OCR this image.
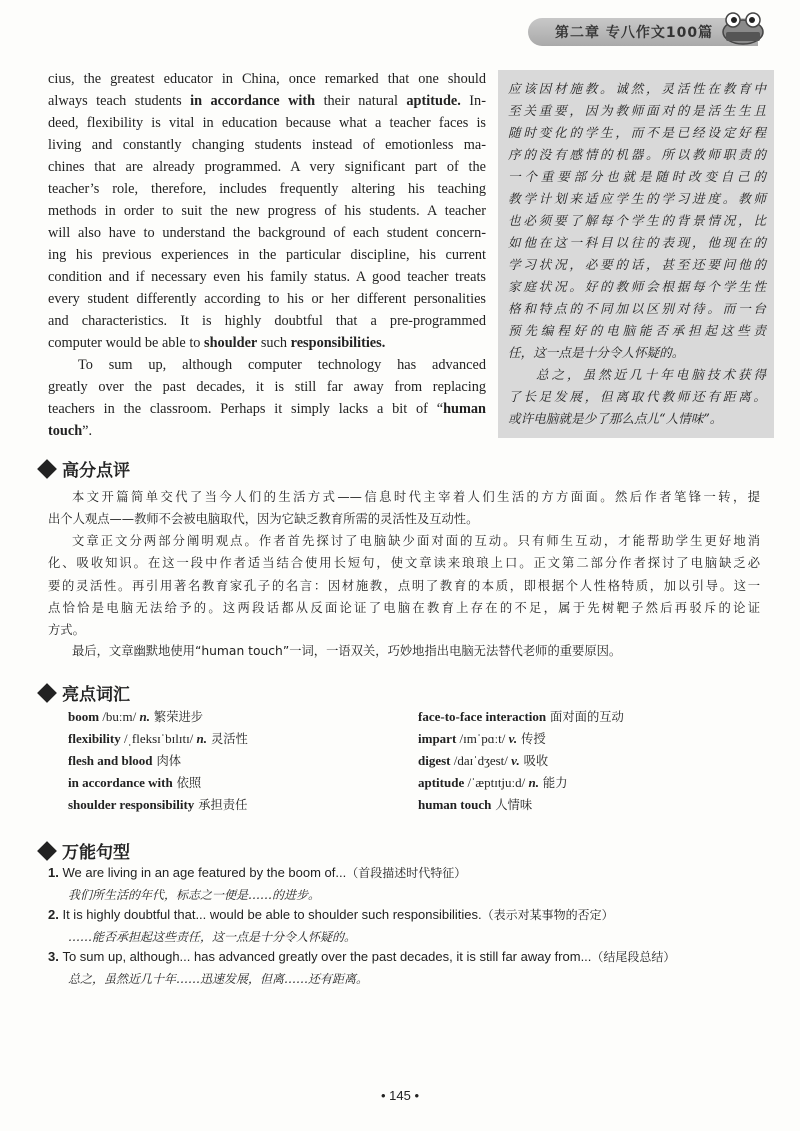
第二章 专八作文100篇
cius, the greatest educator in China, once remarked that one should
always teach students in accordance with their natural aptitude. In-
deed, flexibility is vital in education because what a teacher faces is
living and constantly changing students instead of emotionless ma-
chines that are already programmed. A very significant part of the
teacher’s role, therefore, includes frequently altering his teaching
methods in order to suit the new progress of his students. A teacher
will also have to understand the background of each student concern-
ing his previous experiences in the particular discipline, his current
condition and if necessary even his family status. A good teacher treats
every student differently according to his or her different personalities
and characteristics. It is highly doubtful that a pre-programmed
computer would be able to shoulder such responsibilities.
To sum up, although computer technology has advanced
greatly over the past decades, it is still far away from replacing
teachers in the classroom. Perhaps it simply lacks a bit of “human
touch”.
应该因材施教。诚然，灵活性在教育中
至关重要，因为教师面对的是活生生且
随时变化的学生，而不是已经设定好程
序的没有感情的机器。所以教师职责的
一个重要部分也就是随时改变自己的
教学计划来适应学生的学习进度。教师
也必须要了解每个学生的背景情况，比
如他在这一科目以往的表现，他现在的
学习状况，必要的话，甚至还要问他的
家庭状况。好的教师会根据每个学生性
格和特点的不同加以区别对待。而一台
预先编程好的电脑能否承担起这些责
任，这一点是十分令人怀疑的。
总之，虽然近几十年电脑技术获得
了长足发展，但离取代教师还有距离。
或许电脑就是少了那么点儿“人情味”。
高分点评
本文开篇简单交代了当今人们的生活方式——信息时代主宰着人们生活的方方面面。然后作者笔锋一转，提
出个人观点——教师不会被电脑取代，因为它缺乏教育所需的灵活性及互动性。
文章正文分两部分阐明观点。作者首先探讨了电脑缺少面对面的互动。只有师生互动，才能帮助学生更好地消
化、吸收知识。在这一段中作者适当结合使用长短句，使文章读来琅琅上口。正文第二部分作者探讨了电脑缺乏必
要的灵活性。再引用著名教育家孔子的名言：因材施教，点明了教育的本质，即根据个人性格特质，加以引导。这一
点恰恰是电脑无法给予的。这两段话都从反面论证了电脑在教育上存在的不足，属于先树靶子然后再驳斥的论证
方式。
最后，文章幽默地使用“human touch”一词，一语双关，巧妙地指出电脑无法替代老师的重要原因。
亮点词汇
boom /buːm/ n. 繁荣进步
flexibility /ˌfleksɪˈbɪlɪtɪ/ n. 灵活性
flesh and blood 肉体
in accordance with 依照
shoulder responsibility 承担责任
face-to-face interaction 面对面的互动
impart /ɪmˈpɑːt/ v. 传授
digest /daɪˈdʒest/ v. 吸收
aptitude /ˈæptɪtjuːd/ n. 能力
human touch 人情味
万能句型
1. We are living in an age featured by the boom of...（首段描述时代特征）
我们所生活的年代，标志之一便是……的进步。
2. It is highly doubtful that... would be able to shoulder such responsibilities.（表示对某事物的否定）
……能否承担起这些责任，这一点是十分令人怀疑的。
3. To sum up, although... has advanced greatly over the past decades, it is still far away from...（结尾段总结）
总之，虽然近几十年……迅速发展，但离……还有距离。
• 145 •
